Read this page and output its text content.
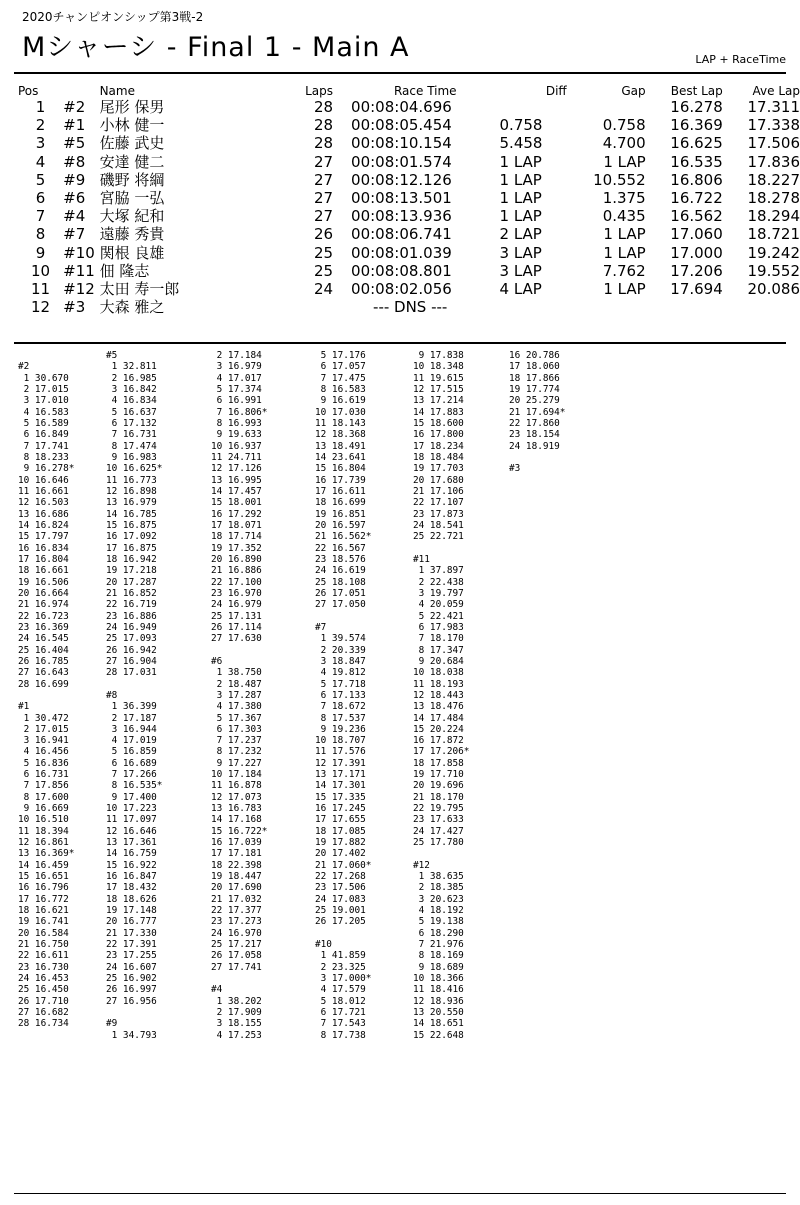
2020チャンピオンシップ第3戦-2
Mシャーシ - Final 1 - Main A	LAP + RaceTime
Pos		Name	Laps	Race Time	Diff	Gap	Best Lap	Ave Lap
1	#2	尾形 保男	28	00:08:04.696			16.278	17.311
2	#1	小林 健一	28	00:08:05.454	0.758	0.758	16.369	17.338
3	#5	佐藤 武史	28	00:08:10.154	5.458	4.700	16.625	17.506
4	#8	安達 健二	27	00:08:01.574	1 LAP	1 LAP	16.535	17.836
5	#9	磯野 将綱	27	00:08:12.126	1 LAP	10.552	16.806	18.227
6	#6	宮脇 一弘	27	00:08:13.501	1 LAP	1.375	16.722	18.278
7	#4	大塚 紀和	27	00:08:13.936	1 LAP	0.435	16.562	18.294
8	#7	遠藤 秀貴	26	00:08:06.741	2 LAP	1 LAP	17.060	18.721
9	#10	関根 良雄	25	00:08:01.039	3 LAP	1 LAP	17.000	19.242
10	#11	佃 隆志	25	00:08:08.801	3 LAP	7.762	17.206	19.552
11	#12	太田 寿一郎	24	00:08:02.056	4 LAP	1 LAP	17.694	20.086
12	#3	大森 雅之		--- DNS ---				
#2
1 30.670
2 17.015
3 17.010
4 16.583
5 16.589
6 16.849
7 17.741
8 18.233
9 16.278*
10 16.646
11 16.661
12 16.503
13 16.686
14 16.824
15 17.797
16 16.834
17 16.804
18 16.661
19 16.506
20 16.664
21 16.974
22 16.723
23 16.369
24 16.545
25 16.404
26 16.785
27 16.643
28 16.699
#1
1 30.472
2 17.015
3 16.941
4 16.456
5 16.836
6 16.731
7 17.856
8 17.600
9 16.669
10 16.510
11 18.394
12 16.861
13 16.369*
14 16.459
15 16.651
16 16.796
17 16.772
18 16.621
19 16.741
20 16.584
21 16.750
22 16.611
23 16.730
24 16.453
25 16.450
26 17.710
27 16.682
28 16.734
#5
1 32.811
2 16.985
3 16.842
4 16.834
5 16.637
6 17.132
7 16.731
8 17.474
9 16.983
10 16.625*
11 16.773
12 16.898
13 16.979
14 16.785
15 16.875
16 17.092
17 16.875
18 16.942
19 17.218
20 17.287
21 16.852
22 16.719
23 16.886
24 16.949
25 17.093
26 16.942
27 16.904
28 17.031
#8
1 36.399
2 17.187
3 16.944
4 17.019
5 16.859
6 16.689
7 17.266
8 16.535*
9 17.400
10 17.223
11 17.097
12 16.646
13 17.361
14 16.759
15 16.922
16 16.847
17 18.432
18 18.626
19 17.148
20 16.777
21 17.330
22 17.391
23 17.255
24 16.607
25 16.902
26 16.997
27 16.956
#9
1 34.793
2 17.184
3 16.979
4 17.017
5 17.374
6 16.991
7 16.806*
8 16.993
9 19.633
10 16.937
11 24.711
12 17.126
13 16.995
14 17.457
15 18.001
16 17.292
17 18.071
18 17.714
19 17.352
20 16.890
21 16.886
22 17.100
23 16.970
24 16.979
25 17.131
26 17.114
27 17.630
#6
1 38.750
2 18.487
3 17.287
4 17.380
5 17.367
6 17.303
7 17.237
8 17.232
9 17.227
10 17.184
11 16.878
12 17.073
13 16.783
14 17.168
15 16.722*
16 17.039
17 17.181
18 22.398
19 18.447
20 17.690
21 17.032
22 17.377
23 17.273
24 16.970
25 17.217
26 17.058
27 17.741
#4
1 38.202
2 17.909
3 18.155
4 17.253
5 17.176
6 17.057
7 17.475
8 16.583
9 16.619
10 17.030
11 18.143
12 18.368
13 18.491
14 23.641
15 16.804
16 17.739
17 16.611
18 16.699
19 16.851
20 16.597
21 16.562*
22 16.567
23 18.576
24 16.619
25 18.108
26 17.051
27 17.050
#7
1 39.574
2 20.339
3 18.847
4 19.812
5 17.718
6 17.133
7 18.672
8 17.537
9 19.236
10 18.707
11 17.576
12 17.391
13 17.171
14 17.301
15 17.335
16 17.245
17 17.655
18 17.085
19 17.882
20 17.402
21 17.060*
22 17.268
23 17.506
24 17.083
25 19.001
26 17.205
#10
1 41.859
2 23.325
3 17.000*
4 17.579
5 18.012
6 17.721
7 17.543
8 17.738
9 17.838
10 18.348
11 19.615
12 17.515
13 17.214
14 17.883
15 18.600
16 17.800
17 18.234
18 18.484
19 17.703
20 17.680
21 17.106
22 17.107
23 17.873
24 18.541
25 22.721
#11
1 37.897
2 22.438
3 19.797
4 20.059
5 22.421
6 17.983
7 18.170
8 17.347
9 20.684
10 18.038
11 18.193
12 18.443
13 18.476
14 17.484
15 20.224
16 17.872
17 17.206*
18 17.858
19 17.710
20 19.696
21 18.170
22 19.795
23 17.633
24 17.427
25 17.780
#12
1 38.635
2 18.385
3 20.623
4 18.192
5 19.138
6 18.290
7 21.976
8 18.169
9 18.689
10 18.366
11 18.416
12 18.936
13 20.550
14 18.651
15 22.648
16 20.786
17 18.060
18 17.866
19 17.774
20 25.279
21 17.694*
22 17.860
23 18.154
24 18.919
#3
